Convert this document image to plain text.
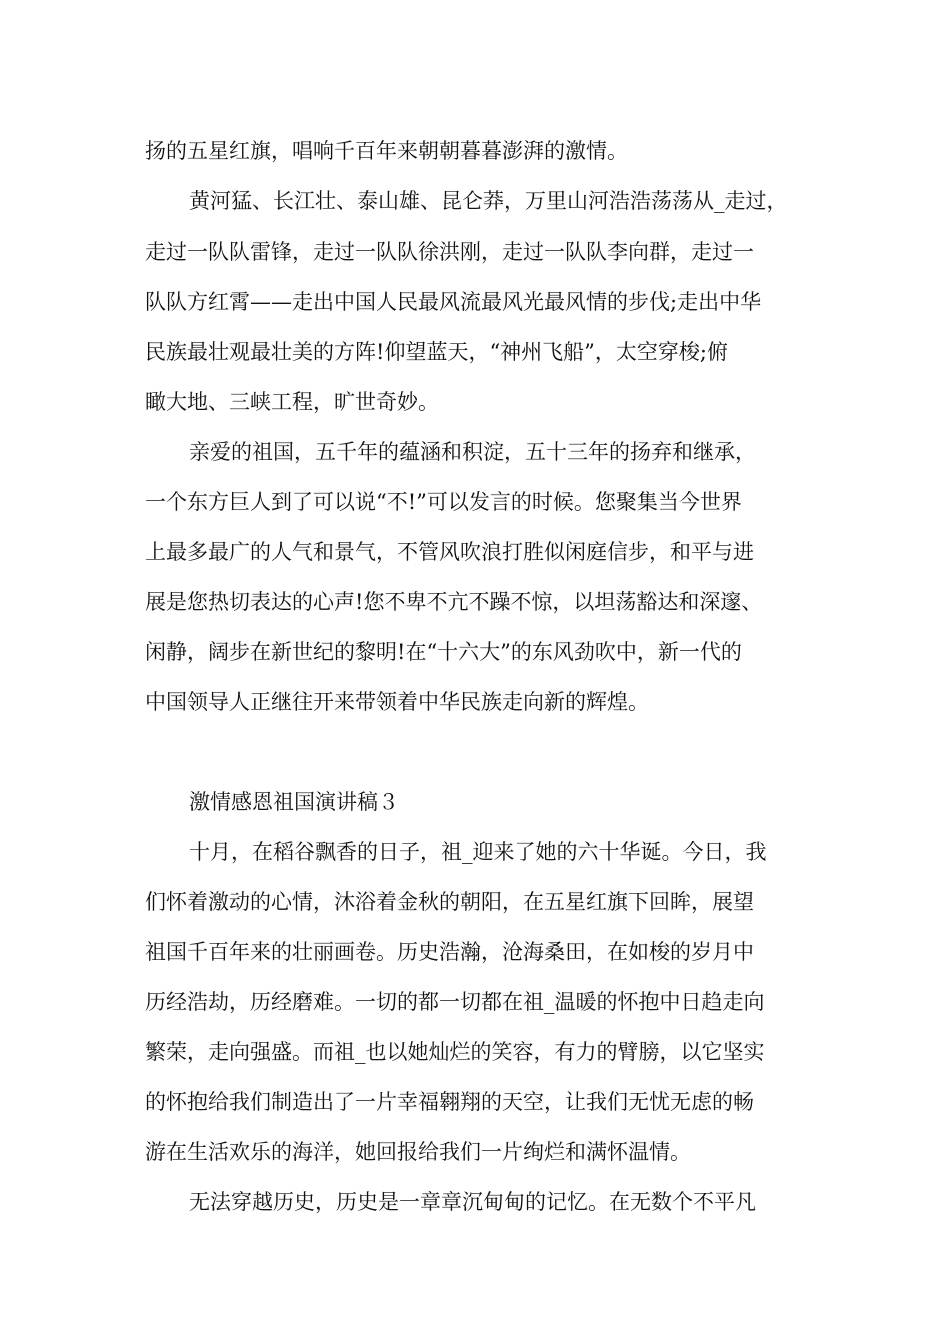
扬的五星红旗，唱响千百年来朝朝暮暮澎湃的激情。
黄河猛、长江壮、泰山雄、昆仑莽，万里山河浩浩荡荡从_走过，
走过一队队雷锋，走过一队队徐洪刚，走过一队队李向群，走过一
队队方红霄——走出中国人民最风流最风光最风情的步伐;走出中华
民族最壮观最壮美的方阵!仰望蓝天，“神州飞船”，太空穿梭;俯
瞰大地、三峡工程，旷世奇妙。
亲爱的祖国，五千年的蕴涵和积淀，五十三年的扬弃和继承，
一个东方巨人到了可以说“不!”可以发言的时候。您聚集当今世界
上最多最广的人气和景气，不管风吹浪打胜似闲庭信步，和平与进
展是您热切表达的心声!您不卑不亢不躁不惊，以坦荡豁达和深邃、
闲静，阔步在新世纪的黎明!在“十六大”的东风劲吹中，新一代的
中国领导人正继往开来带领着中华民族走向新的辉煌。
激情感恩祖国演讲稿３
十月，在稻谷飘香的日子，祖_迎来了她的六十华诞。今日，我
们怀着激动的心情，沐浴着金秋的朝阳，在五星红旗下回眸，展望
祖国千百年来的壮丽画卷。历史浩瀚，沧海桑田，在如梭的岁月中
历经浩劫，历经磨难。一切的都一切都在祖_温暖的怀抱中日趋走向
繁荣，走向强盛。而祖_也以她灿烂的笑容，有力的臂膀，以它坚实
的怀抱给我们制造出了一片幸福翱翔的天空，让我们无忧无虑的畅
游在生活欢乐的海洋，她回报给我们一片绚烂和满怀温情。
无法穿越历史，历史是一章章沉甸甸的记忆。在无数个不平凡
